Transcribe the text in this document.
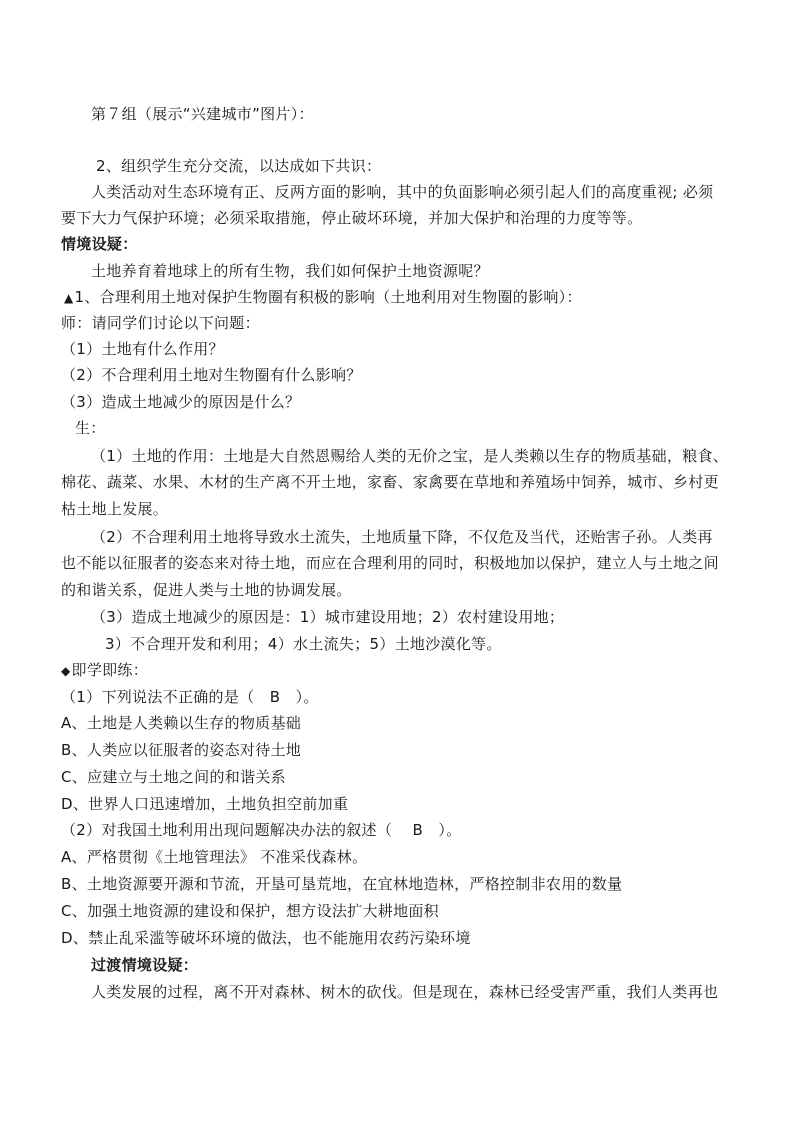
第７组（展示“兴建城市”图片）：
2、组织学生充分交流，以达成如下共识：
人类活动对生态环境有正、反两方面的影响，其中的负面影响必须引起人们的高度重视; 必须
要下大力气保护环境；必须采取措施，停止破坏环境，并加大保护和治理的力度等等。
情境设疑：
土地养育着地球上的所有生物，我们如何保护土地资源呢？
▲1、合理利用土地对保护生物圈有积极的影响（土地利用对生物圈的影响）：
师：请同学们讨论以下问题：
（1）土地有什么作用？
（2）不合理利用土地对生物圈有什么影响？
（3）造成土地减少的原因是什么？
生：
（1）土地的作用：土地是大自然恩赐给人类的无价之宝，是人类赖以生存的物质基础，粮食、
棉花、蔬菜、水果、木材的生产离不开土地，家畜、家禽要在草地和养殖场中饲养，城市、乡村更
枯土地上发展。
（2）不合理利用土地将导致水土流失，土地质量下降，不仅危及当代，还贻害子孙。人类再
也不能以征服者的姿态来对待土地，而应在合理利用的同时，积极地加以保护，建立人与土地之间
的和谐关系，促进人类与土地的协调发展。
（3）造成土地减少的原因是：1）城市建设用地；2）农村建设用地；
3）不合理开发和利用；4）水土流失；5）土地沙漠化等。
◆即学即练：
（1）下列说法不正确的是（　B　）。
A、土地是人类赖以生存的物质基础
B、人类应以征服者的姿态对待土地
C、应建立与土地之间的和谐关系
D、世界人口迅速增加，土地负担空前加重
（2）对我国土地利用出现问题解决办法的叙述（　 B　）。
A、严格贯彻《土地管理法》 不准采伐森林。
B、土地资源要开源和节流，开垦可垦荒地，在宜林地造林，严格控制非农用的数量
C、加强土地资源的建设和保护，想方设法扩大耕地面积
D、禁止乱采滥等破坏环境的做法，也不能施用农药污染环境
过渡情境设疑：
人类发展的过程，离不开对森林、树木的砍伐。但是现在，森林已经受害严重，我们人类再也
